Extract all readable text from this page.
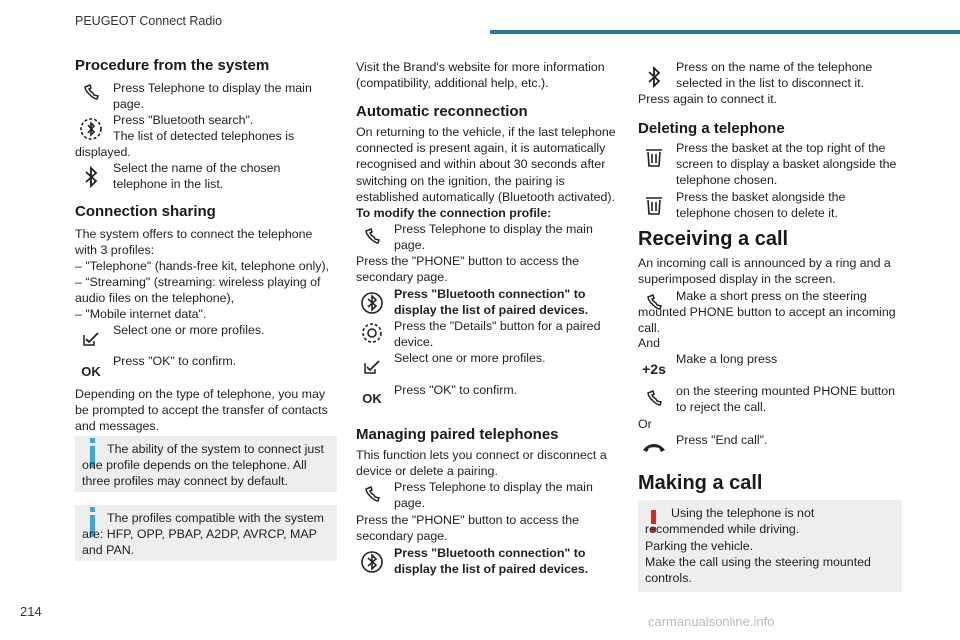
PEUGEOT Connect Radio
Procedure from the system

Press Telephone to display the main page.

Press "Bluetooth search".

The list of detected telephones is displayed.

Select the name of the chosen telephone in the list.

Connection sharing

The system offers to connect the telephone with 3 profiles:

– "Telephone" (hands-free kit, telephone only),

– “Streaming" (streaming: wireless playing of audio files on the telephone),

– "Mobile internet data".

Select one or more profiles.

OK

Press "OK" to confirm.

Depending on the type of telephone, you may be prompted to accept the transfer of contacts and messages.

The ability of the system to connect just one profile depends on the telephone. All three profiles may connect by default.

The profiles compatible with the system are: HFP, OPP, PBAP, A2DP, AVRCP, MAP and PAN.

Visit the Brand's website for more information (compatibility, additional help, etc.).

Automatic reconnection

On returning to the vehicle, if the last telephone connected is present again, it is automatically recognised and within about 30 seconds after switching on the ignition, the pairing is established automatically (Bluetooth activated).

To modify the connection profile:

Press Telephone to display the main page.

Press the "PHONE" button to access the secondary page.

Press "Bluetooth connection" to display the list of paired devices.

Press the "Details" button for a paired device.

Select one or more profiles.

OK

Press "OK" to confirm.

Managing paired telephones

This function lets you connect or disconnect a device or delete a pairing.

Press Telephone to display the main page.

Press the "PHONE" button to access the secondary page.

Press "Bluetooth connection" to display the list of paired devices.

Press on the name of the telephone selected in the list to disconnect it.

Press again to connect it.

Deleting a telephone

Press the basket at the top right of the screen to display a basket alongside the telephone chosen.

Press the basket alongside the telephone chosen to delete it.

Receiving a call

An incoming call is announced by a ring and a superimposed display in the screen.

Make a short press on the steering mounted PHONE button to accept an incoming call.

And

+2s

Make a long press

on the steering mounted PHONE button to reject the call.

Or

Press "End call".

Making a call

Using the telephone is not recommended while driving.

Parking the vehicle.

Make the call using the steering mounted controls.

214
carmanualsonline.info
